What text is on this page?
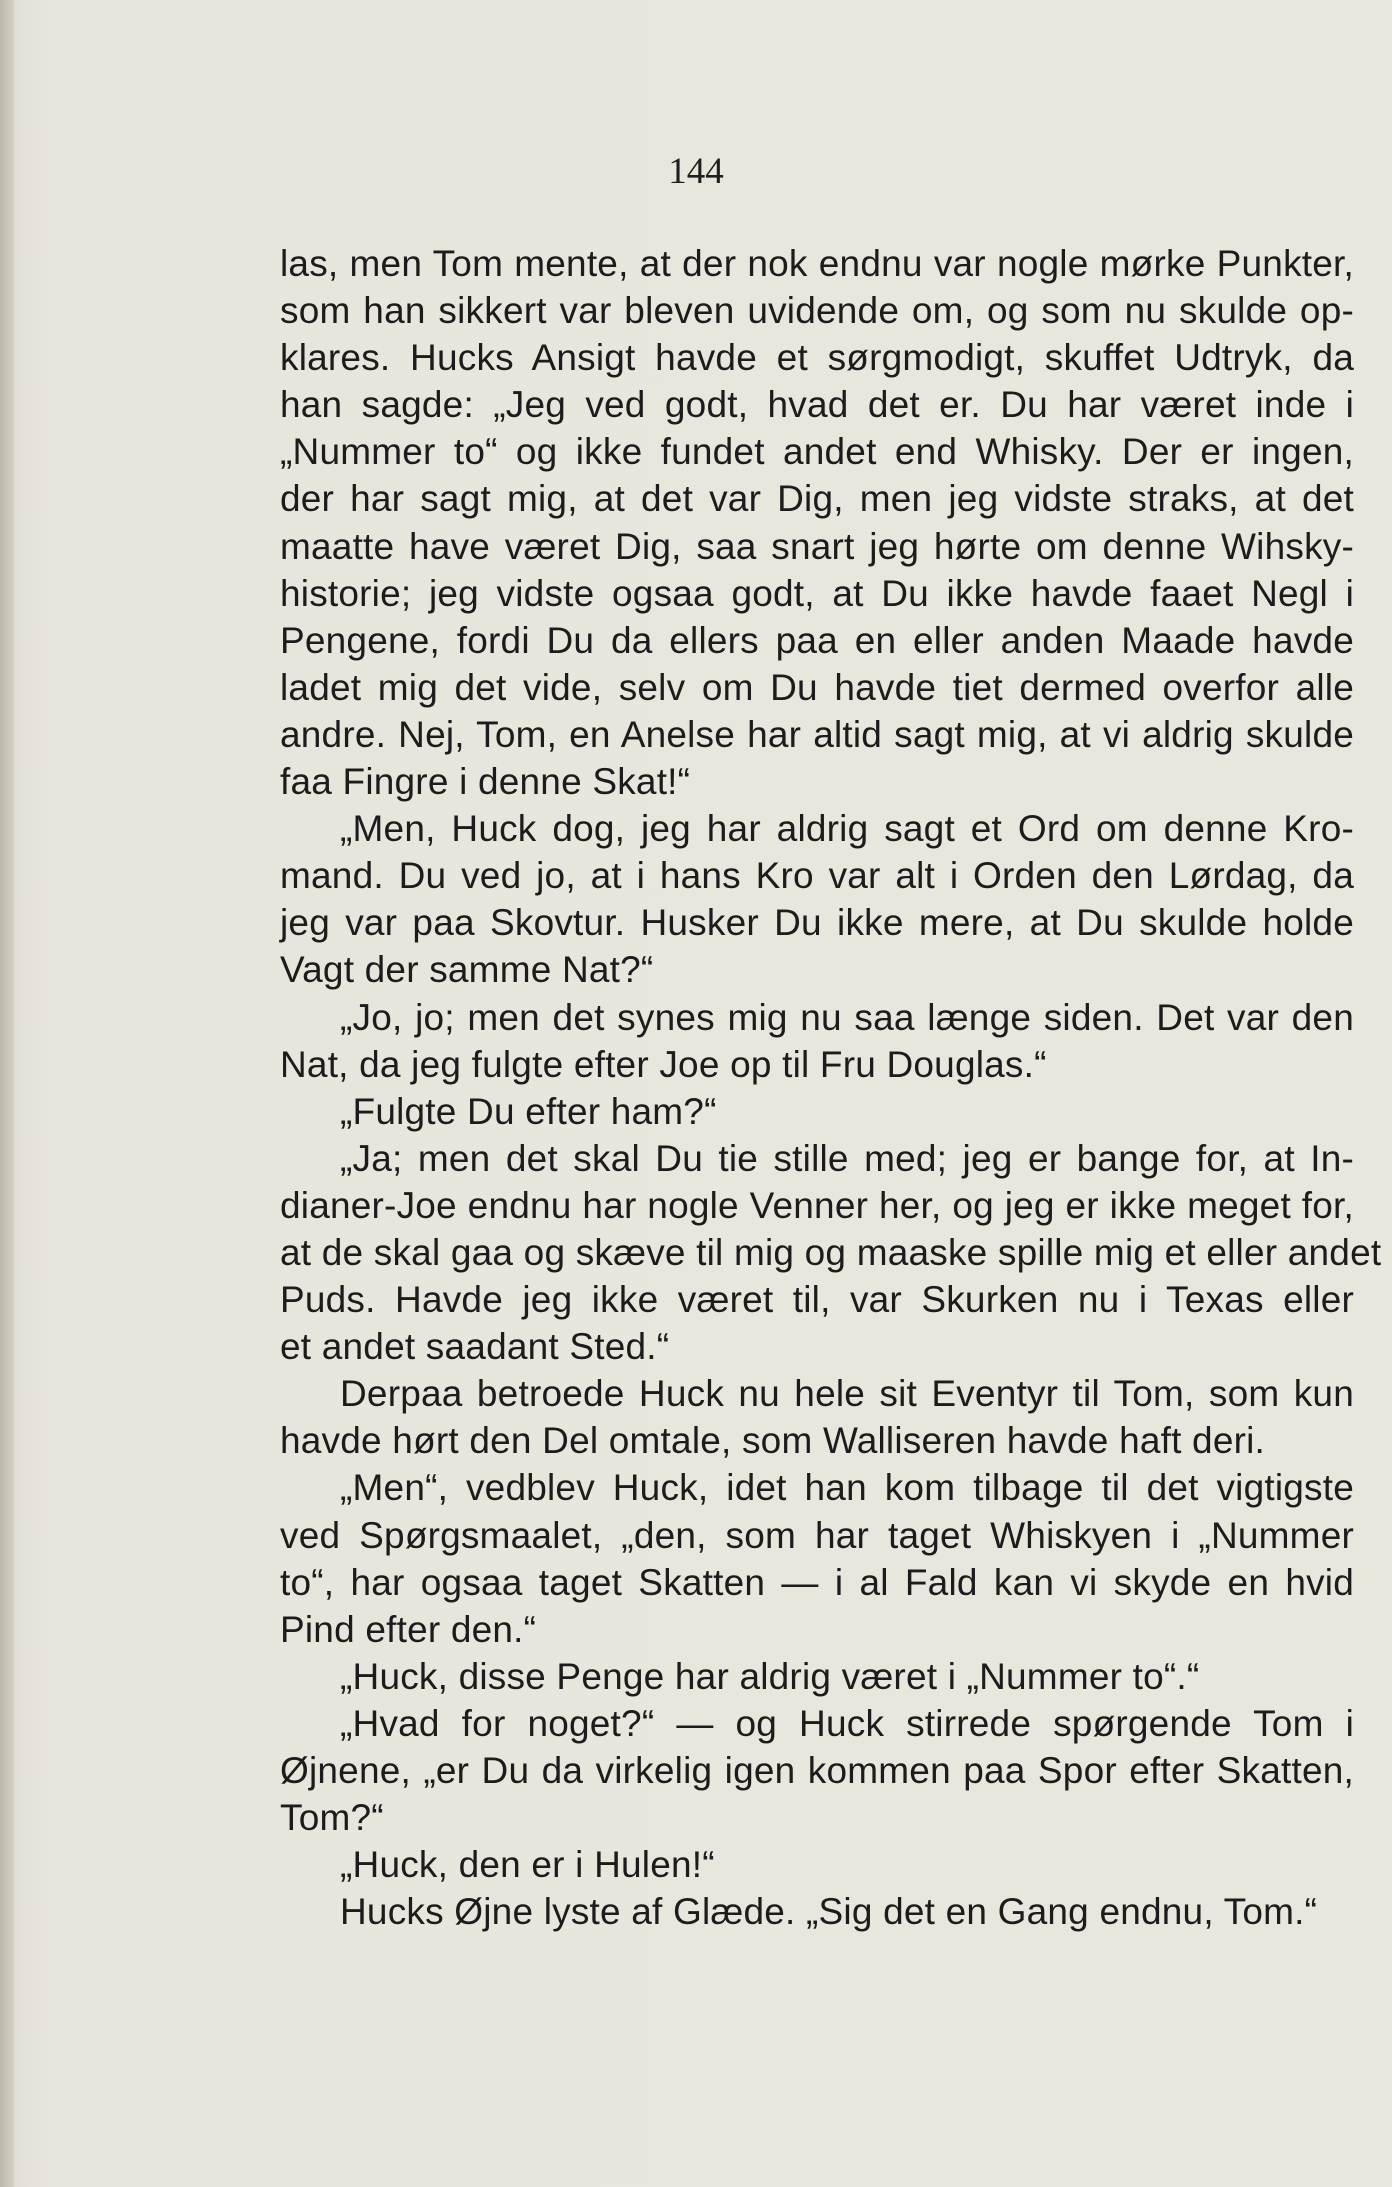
144
las, men Tom mente, at der nok endnu var nogle mørke Punkter,
som han sikkert var bleven uvidende om, og som nu skulde op-
klares. Hucks Ansigt havde et sørgmodigt, skuffet Udtryk, da
han sagde: „Jeg ved godt, hvad det er. Du har været inde i
„Nummer to“ og ikke fundet andet end Whisky. Der er ingen,
der har sagt mig, at det var Dig, men jeg vidste straks, at det
maatte have været Dig, saa snart jeg hørte om denne Wihsky-
historie; jeg vidste ogsaa godt, at Du ikke havde faaet Negl i
Pengene, fordi Du da ellers paa en eller anden Maade havde
ladet mig det vide, selv om Du havde tiet dermed overfor alle
andre. Nej, Tom, en Anelse har altid sagt mig, at vi aldrig skulde
faa Fingre i denne Skat!“
„Men, Huck dog, jeg har aldrig sagt et Ord om denne Kro-
mand. Du ved jo, at i hans Kro var alt i Orden den Lørdag, da
jeg var paa Skovtur. Husker Du ikke mere, at Du skulde holde
Vagt der samme Nat?“
„Jo, jo; men det synes mig nu saa længe siden. Det var den
Nat, da jeg fulgte efter Joe op til Fru Douglas.“
„Fulgte Du efter ham?“
„Ja; men det skal Du tie stille med; jeg er bange for, at In-
dianer-Joe endnu har nogle Venner her, og jeg er ikke meget for,
at de skal gaa og skæve til mig og maaske spille mig et eller andet
Puds. Havde jeg ikke været til, var Skurken nu i Texas eller
et andet saadant Sted.“
Derpaa betroede Huck nu hele sit Eventyr til Tom, som kun
havde hørt den Del omtale, som Walliseren havde haft deri.
„Men“, vedblev Huck, idet han kom tilbage til det vigtigste
ved Spørgsmaalet, „den, som har taget Whiskyen i „Nummer
to“, har ogsaa taget Skatten — i al Fald kan vi skyde en hvid
Pind efter den.“
„Huck, disse Penge har aldrig været i „Nummer to“.“
„Hvad for noget?“ — og Huck stirrede spørgende Tom i
Øjnene, „er Du da virkelig igen kommen paa Spor efter Skatten,
Tom?“
„Huck, den er i Hulen!“
Hucks Øjne lyste af Glæde. „Sig det en Gang endnu, Tom.“
